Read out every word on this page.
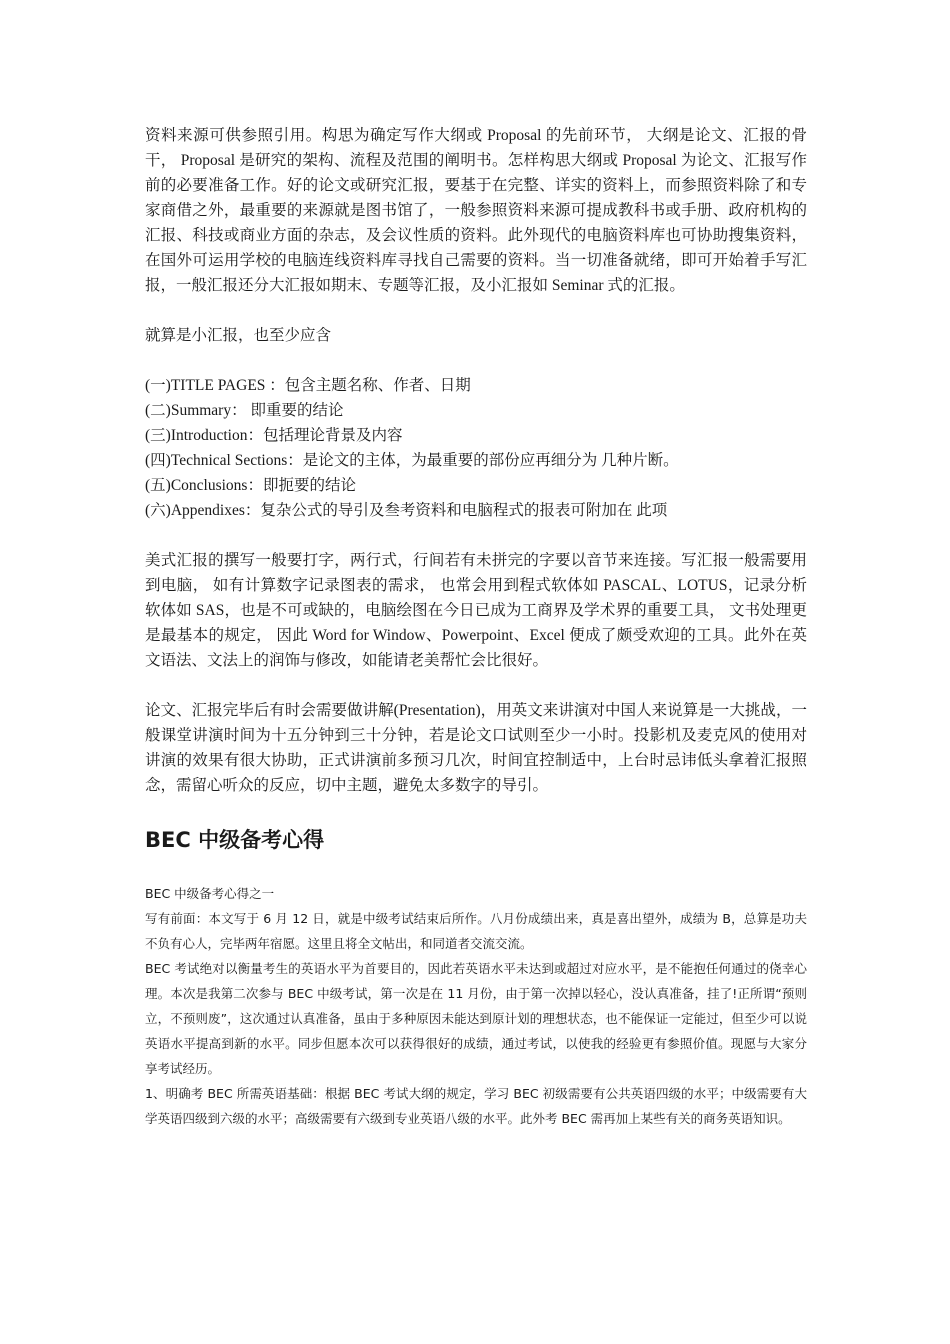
资料来源可供参照引用。构思为确定写作大纲或 Proposal 的先前环节， 大纲是论文、汇报的骨干， Proposal 是研究的架构、流程及范围的阐明书。怎样构思大纲或 Proposal 为论文、汇报写作前的必要准备工作。好的论文或研究汇报，要基于在完整、详实的资料上，而参照资料除了和专家商借之外，最重要的来源就是图书馆了，一般参照资料来源可提成教科书或手册、政府机构的汇报、科技或商业方面的杂志，及会议性质的资料。此外现代的电脑资料库也可协助搜集资料，在国外可运用学校的电脑连线资料库寻找自己需要的资料。当一切准备就绪，即可开始着手写汇报，一般汇报还分大汇报如期末、专题等汇报，及小汇报如 Seminar 式的汇报。

就算是小汇报，也至少应含

(一)TITLE PAGES ：包含主题名称、作者、日期
(二)Summary： 即重要的结论
(三)Introduction：包括理论背景及内容
(四)Technical Sections：是论文的主体，为最重要的部份应再细分为 几种片断。
(五)Conclusions：即扼要的结论
(六)Appendixes：复杂公式的导引及叁考资料和电脑程式的报表可附加在 此项

美式汇报的撰写一般要打字，两行式，行间若有未拼完的字要以音节来连接。写汇报一般需要用到电脑， 如有计算数字记录图表的需求， 也常会用到程式软体如 PASCAL、LOTUS，记录分析软体如 SAS，也是不可或缺的，电脑绘图在今日已成为工商界及学术界的重要工具， 文书处理更是最基本的规定， 因此 Word for Window、Powerpoint、Excel 便成了颇受欢迎的工具。此外在英文语法、文法上的润饰与修改，如能请老美帮忙会比很好。

论文、汇报完毕后有时会需要做讲解(Presentation)，用英文来讲演对中国人来说算是一大挑战，一般课堂讲演时间为十五分钟到三十分钟，若是论文口试则至少一小时。投影机及麦克风的使用对讲演的效果有很大协助，正式讲演前多预习几次，时间宜控制适中，上台时忌讳低头拿着汇报照念，需留心听众的反应，切中主题，避免太多数字的导引。

BEC 中级备考心得

BEC 中级备考心得之一

写有前面：本文写于 6 月 12 日，就是中级考试结束后所作。八月份成绩出来，真是喜出望外，成绩为 B，总算是功夫不负有心人，完毕两年宿愿。这里且将全文帖出，和同道者交流交流。

BEC 考试绝对以衡量考生的英语水平为首要目的，因此若英语水平未达到或超过对应水平，是不能抱任何通过的侥幸心理。本次是我第二次参与 BEC 中级考试，第一次是在 11 月份，由于第一次掉以轻心，没认真准备，挂了!正所谓“预则立，不预则废”，这次通过认真准备，虽由于多种原因未能达到原计划的理想状态，也不能保证一定能过，但至少可以说英语水平提高到新的水平。同步但愿本次可以获得很好的成绩，通过考试，以使我的经验更有参照价值。现愿与大家分享考试经历。

1、明确考 BEC 所需英语基础：根据 BEC 考试大纲的规定，学习 BEC 初级需要有公共英语四级的水平；中级需要有大学英语四级到六级的水平；高级需要有六级到专业英语八级的水平。此外考 BEC 需再加上某些有关的商务英语知识。
